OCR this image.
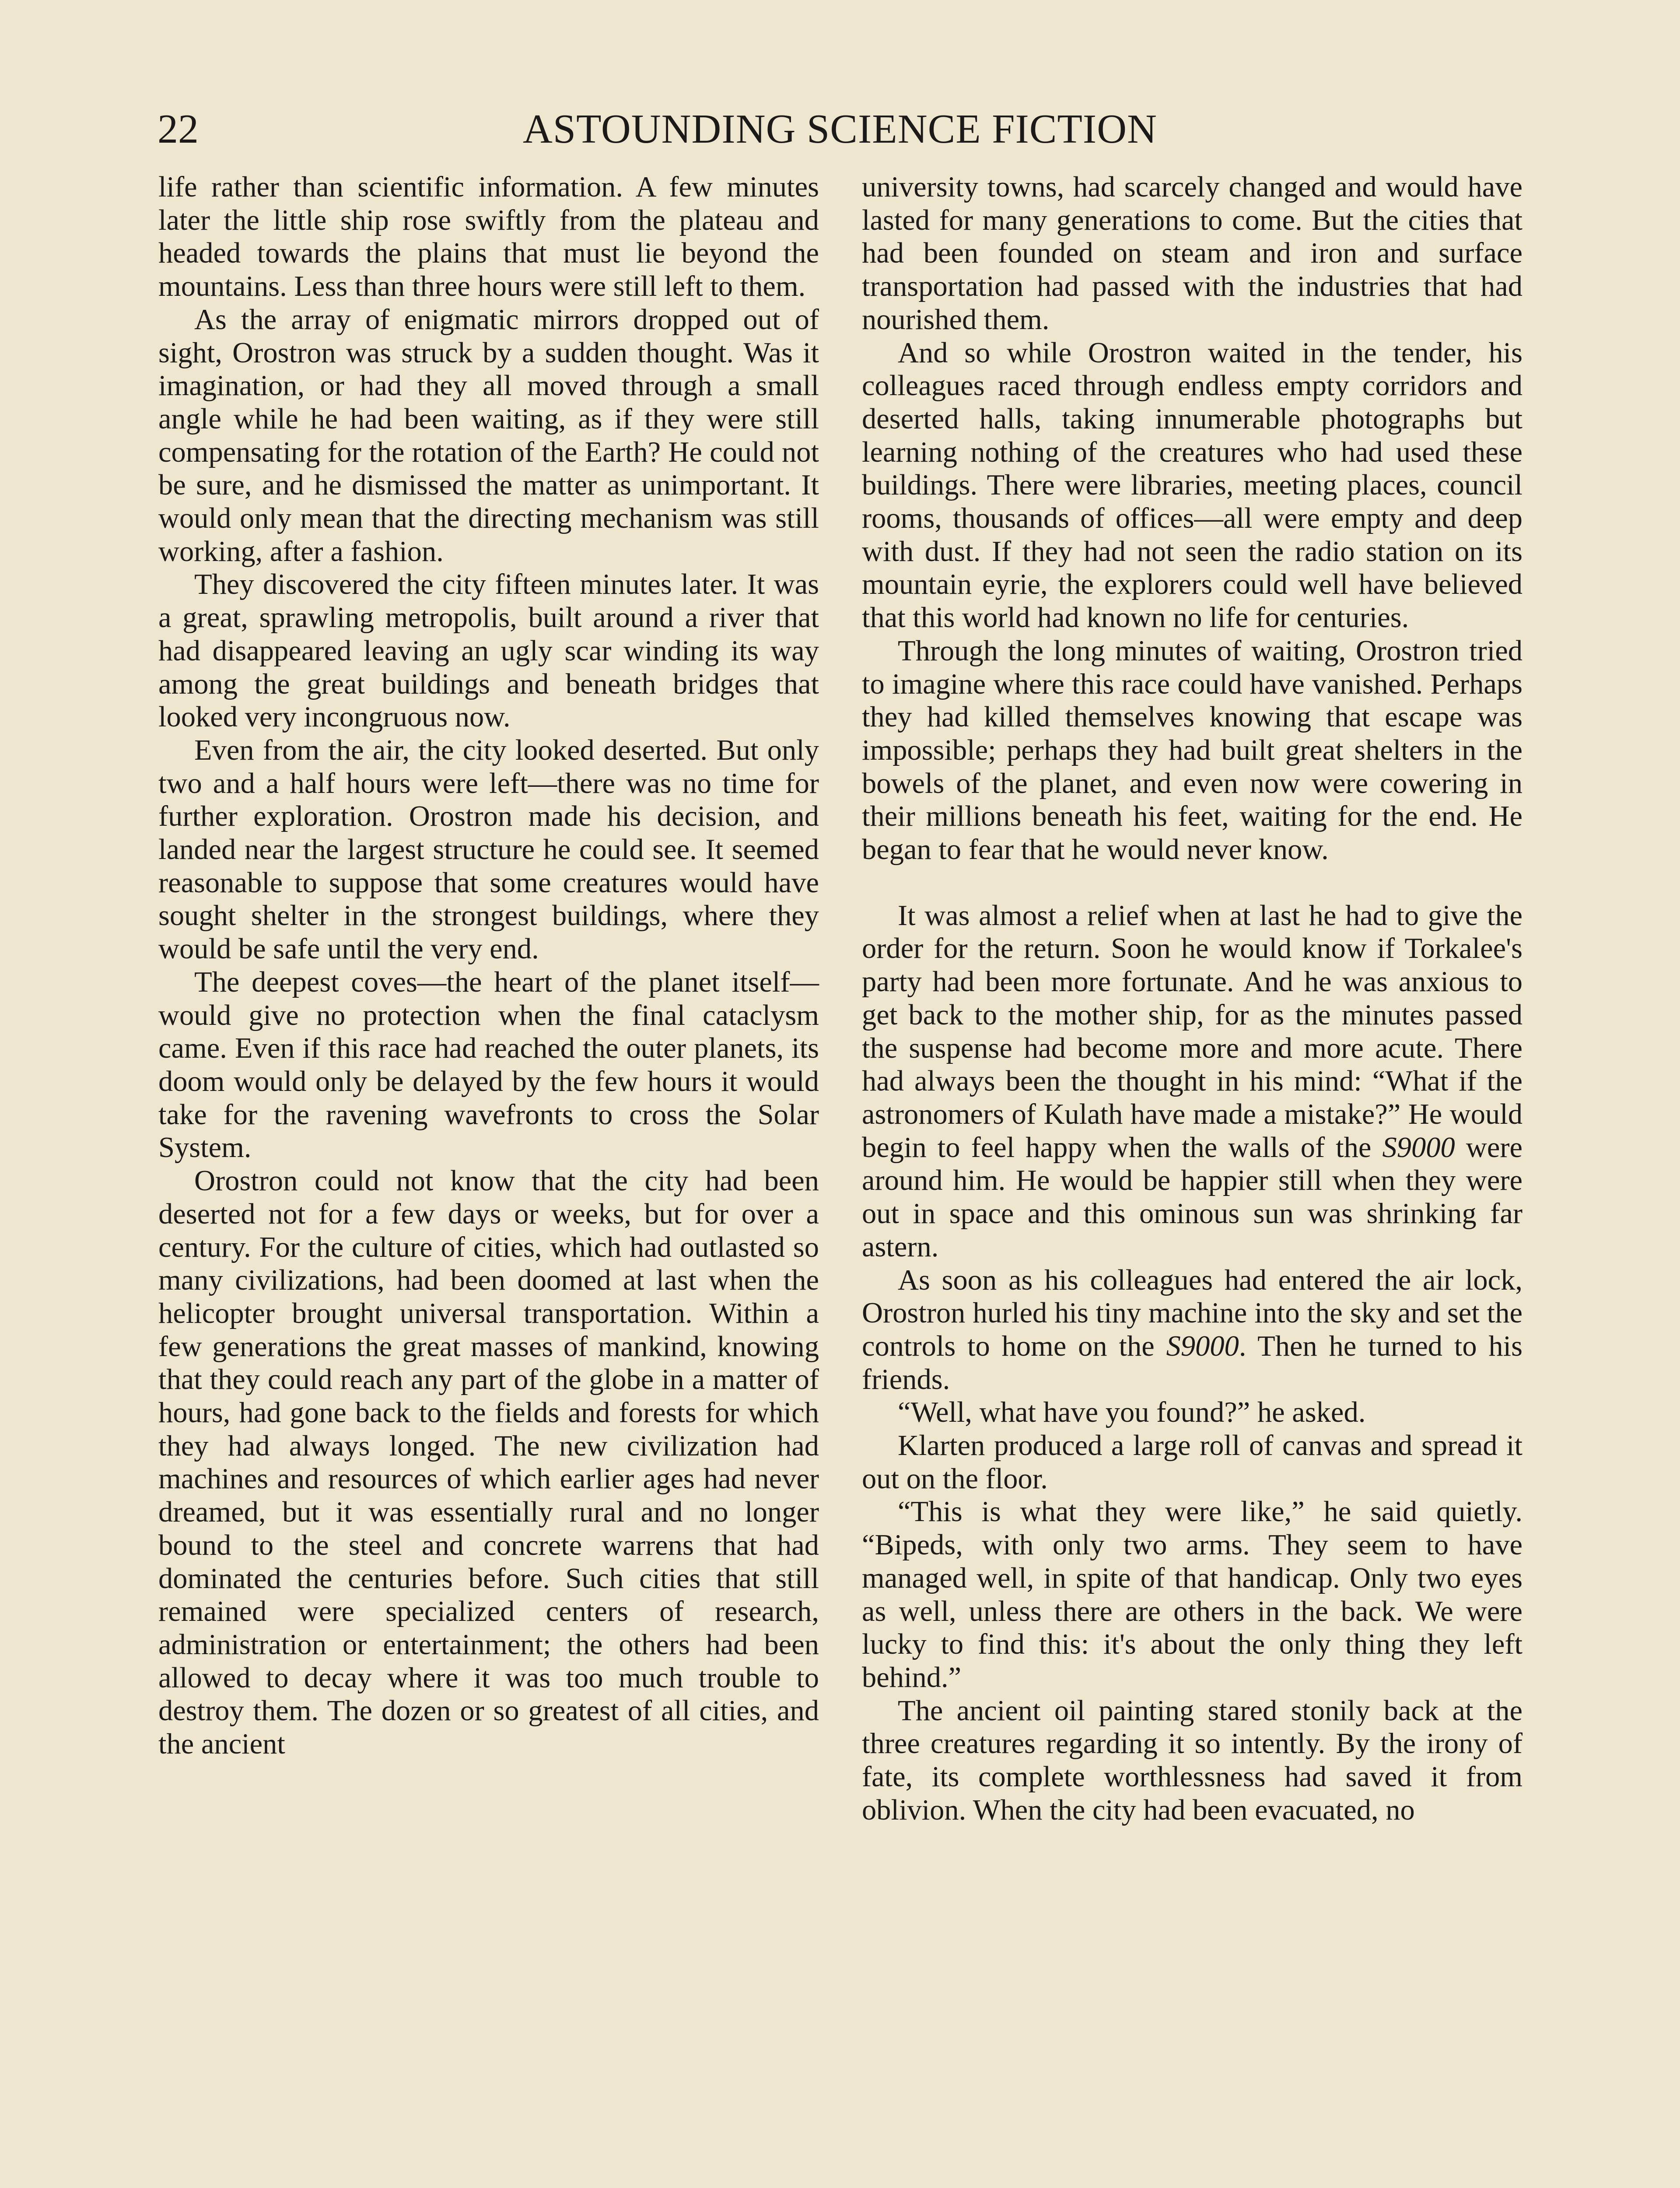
22	ASTOUNDING SCIENCE FICTION

life rather than scientific information. A few minutes later the little ship rose swiftly from the plateau and headed towards the plains that must lie beyond the mountains. Less than three hours were still left to them.

As the array of enigmatic mirrors dropped out of sight, Orostron was struck by a sudden thought. Was it imagination, or had they all moved through a small angle while he had been waiting, as if they were still compensating for the rotation of the Earth? He could not be sure, and he dismissed the matter as unimportant. It would only mean that the directing mechanism was still working, after a fashion.

They discovered the city fifteen minutes later. It was a great, sprawling metropolis, built around a river that had disappeared leaving an ugly scar winding its way among the great buildings and beneath bridges that looked very incongruous now.

Even from the air, the city looked deserted. But only two and a half hours were left—there was no time for further exploration. Orostron made his decision, and landed near the largest structure he could see. It seemed reasonable to suppose that some creatures would have sought shelter in the strongest buildings, where they would be safe until the very end.

The deepest coves—the heart of the planet itself—would give no protection when the final cataclysm came. Even if this race had reached the outer planets, its doom would only be delayed by the few hours it would take for the ravening wavefronts to cross the Solar System.

Orostron could not know that the city had been deserted not for a few days or weeks, but for over a century. For the culture of cities, which had outlasted so many civilizations, had been doomed at last when the helicopter brought universal transportation. Within a few generations the great masses of mankind, knowing that they could reach any part of the globe in a matter of hours, had gone back to the fields and forests for which they had always longed. The new civilization had machines and resources of which earlier ages had never dreamed, but it was essentially rural and no longer bound to the steel and concrete warrens that had dominated the centuries before. Such cities that still remained were specialized centers of research, administration or entertainment; the others had been allowed to decay where it was too much trouble to destroy them. The dozen or so greatest of all cities, and the ancient

university towns, had scarcely changed and would have lasted for many generations to come. But the cities that had been founded on steam and iron and surface transportation had passed with the industries that had nourished them.

And so while Orostron waited in the tender, his colleagues raced through endless empty corridors and deserted halls, taking innumerable photographs but learning nothing of the creatures who had used these buildings. There were libraries, meeting places, council rooms, thousands of offices—all were empty and deep with dust. If they had not seen the radio station on its mountain eyrie, the explorers could well have believed that this world had known no life for centuries.

Through the long minutes of waiting, Orostron tried to imagine where this race could have vanished. Perhaps they had killed themselves knowing that escape was impossible; perhaps they had built great shelters in the bowels of the planet, and even now were cowering in their millions beneath his feet, waiting for the end. He began to fear that he would never know.

It was almost a relief when at last he had to give the order for the return. Soon he would know if Torkalee's party had been more fortunate. And he was anxious to get back to the mother ship, for as the minutes passed the suspense had become more and more acute. There had always been the thought in his mind: “What if the astronomers of Kulath have made a mistake?” He would begin to feel happy when the walls of the S9000 were around him. He would be happier still when they were out in space and this ominous sun was shrinking far astern.

As soon as his colleagues had entered the air lock, Orostron hurled his tiny machine into the sky and set the controls to home on the S9000. Then he turned to his friends.

“Well, what have you found?” he asked.

Klarten produced a large roll of canvas and spread it out on the floor.

“This is what they were like,” he said quietly. “Bipeds, with only two arms. They seem to have managed well, in spite of that handicap. Only two eyes as well, unless there are others in the back. We were lucky to find this: it's about the only thing they left behind.”

The ancient oil painting stared stonily back at the three creatures regarding it so intently. By the irony of fate, its complete worthlessness had saved it from oblivion. When the city had been evacuated, no
